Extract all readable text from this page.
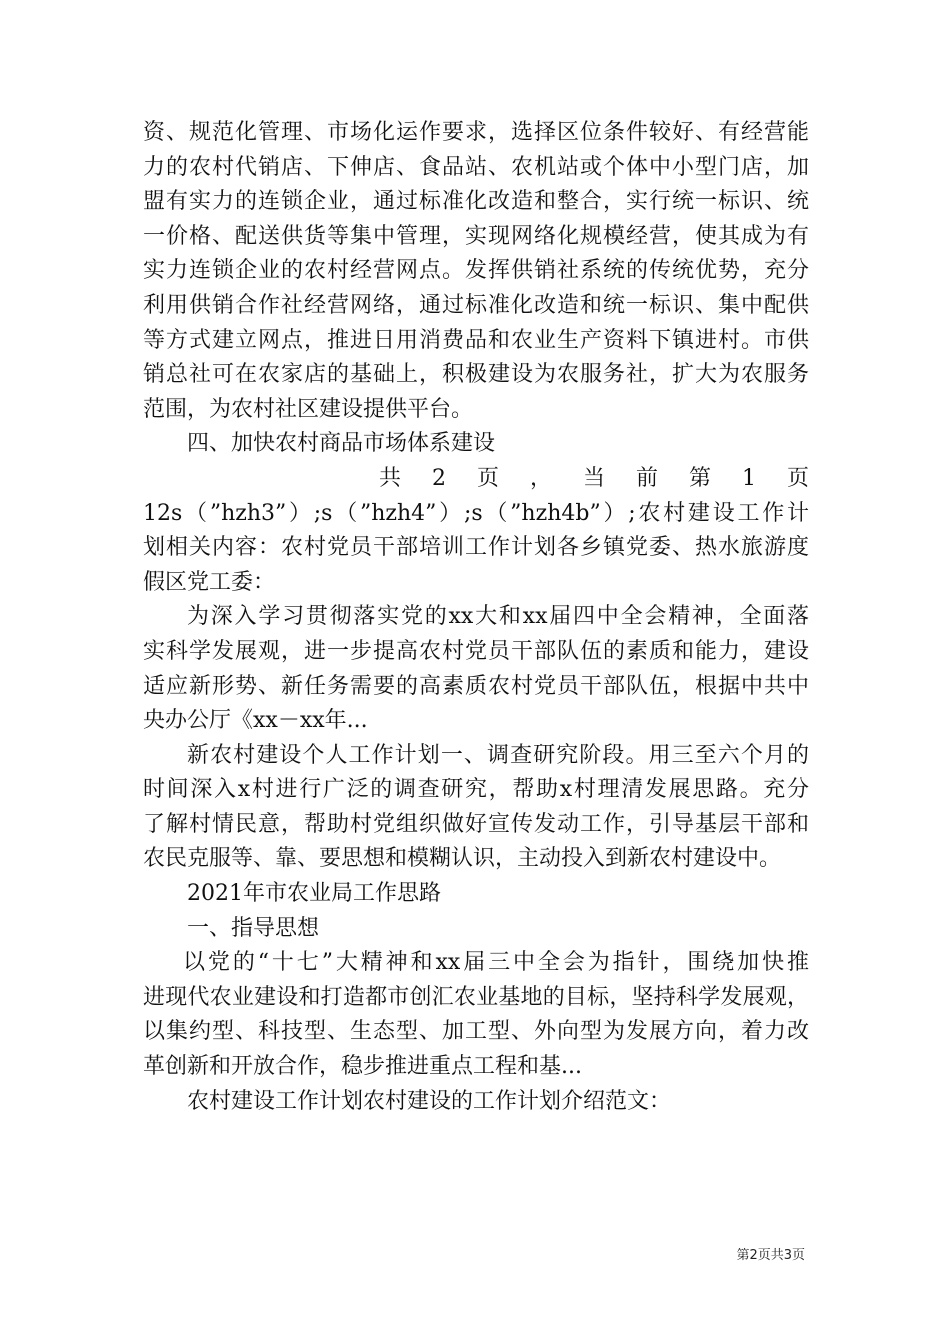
资、规范化管理、市场化运作要求，选择区位条件较好、有经营能
力的农村代销店、下伸店、食品站、农机站或个体中小型门店，加
盟有实力的连锁企业，通过标准化改造和整合，实行统一标识、统
一价格、配送供货等集中管理，实现网络化规模经营，使其成为有
实力连锁企业的农村经营网点。发挥供销社系统的传统优势，充分
利用供销合作社经营网络，通过标准化改造和统一标识、集中配供
等方式建立网点，推进日用消费品和农业生产资料下镇进村。市供
销总社可在农家店的基础上，积极建设为农服务社，扩大为农服务
范围，为农村社区建设提供平台。
四、加快农村商品市场体系建设
共 2 页 ， 当 前 第 1 页
12s（”hzh3”）;s（”hzh4”）;s（”hzh4b”）;农村建设工作计
划相关内容：农村党员干部培训工作计划各乡镇党委、热水旅游度
假区党工委：
为深入学习贯彻落实党的xx大和xx届四中全会精神，全面落
实科学发展观，进一步提高农村党员干部队伍的素质和能力，建设
适应新形势、新任务需要的高素质农村党员干部队伍，根据中共中
央办公厅《xx－xx年...
新农村建设个人工作计划一、调查研究阶段。用三至六个月的
时间深入x村进行广泛的调查研究，帮助x村理清发展思路。充分
了解村情民意，帮助村党组织做好宣传发动工作，引导基层干部和
农民克服等、靠、要思想和模糊认识，主动投入到新农村建设中。
2021年市农业局工作思路
一、指导思想
以党的“十七”大精神和xx届三中全会为指针，围绕加快推
进现代农业建设和打造都市创汇农业基地的目标，坚持科学发展观，
以集约型、科技型、生态型、加工型、外向型为发展方向，着力改
革创新和开放合作，稳步推进重点工程和基...
农村建设工作计划农村建设的工作计划介绍范文：
第2页共3页
